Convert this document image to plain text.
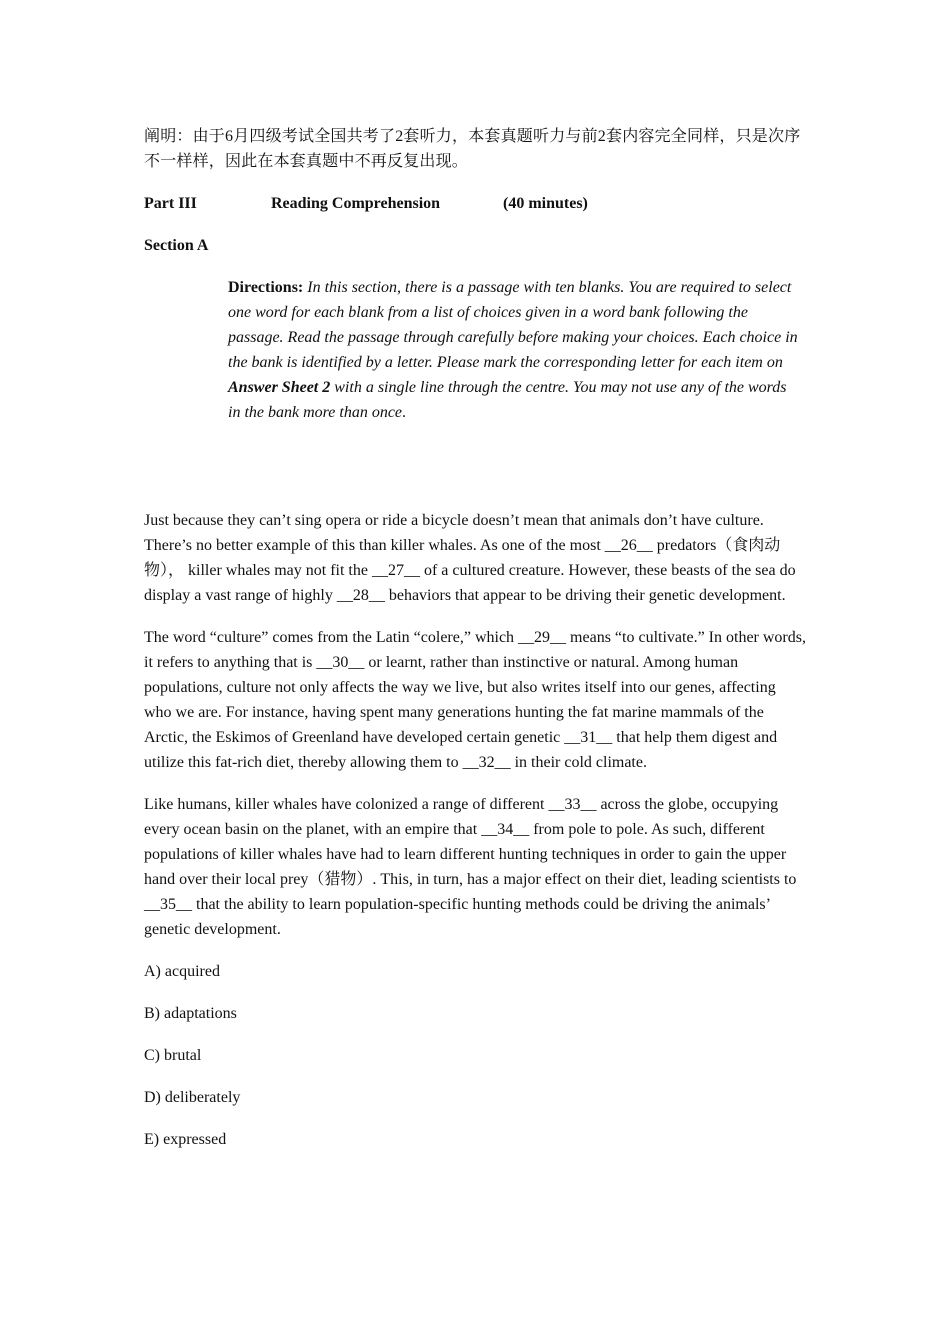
阐明：由于6月四级考试全国共考了2套听力，本套真题听力与前2套内容完全同样，只是次序不一样样，因此在本套真题中不再反复出现。

Part III	Reading Comprehension	(40 minutes)
Section A
Directions: In this section, there is a passage with ten blanks. You are required to select one word for each blank from a list of choices given in a word bank following the passage. Read the passage through carefully before making your choices. Each choice in the bank is identified by a letter. Please mark the corresponding letter for each item on Answer Sheet 2 with a single line through the centre. You may not use any of the words in the bank more than once.

Just because they can’t sing opera or ride a bicycle doesn’t mean that animals don’t have culture. There’s no better example of this than killer whales. As one of the most __26__ predators（食肉动物）， killer whales may not fit the __27__ of a cultured creature. However, these beasts of the sea do display a vast range of highly __28__ behaviors that appear to be driving their genetic development.

The word “culture” comes from the Latin “colere,” which __29__ means “to cultivate.” In other words, it refers to anything that is __30__ or learnt, rather than instinctive or natural. Among human populations, culture not only affects the way we live, but also writes itself into our genes, affecting who we are. For instance, having spent many generations hunting the fat marine mammals of the Arctic, the Eskimos of Greenland have developed certain genetic __31__ that help them digest and utilize this fat-rich diet, thereby allowing them to __32__ in their cold climate.

Like humans, killer whales have colonized a range of different __33__ across the globe, occupying every ocean basin on the planet, with an empire that __34__ from pole to pole. As such, different populations of killer whales have had to learn different hunting techniques in order to gain the upper hand over their local prey（猎物）. This, in turn, has a major effect on their diet, leading scientists to __35__ that the ability to learn population-specific hunting methods could be driving the animals’ genetic development.

A) acquired

B) adaptations

C) brutal

D) deliberately

E) expressed
